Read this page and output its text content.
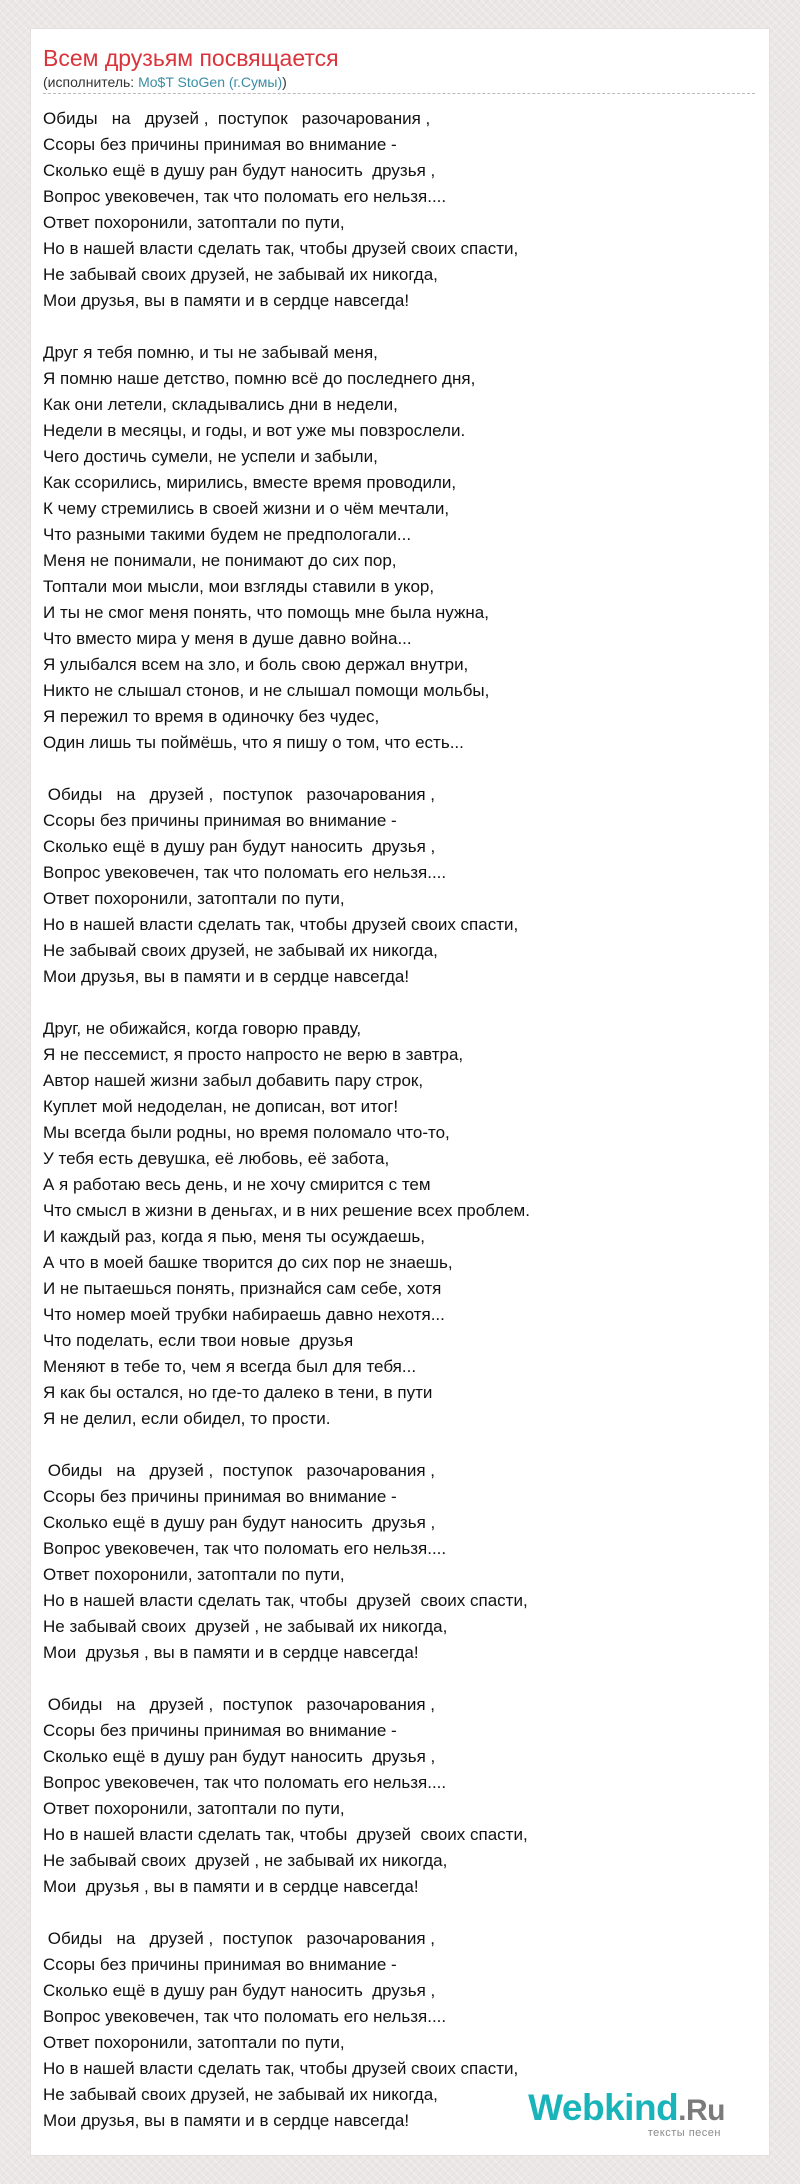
Всем друзьям посвящается
(исполнитель: Mo$T StoGen (г.Сумы))
Обиды   на   друзей ,  поступок   разочарования ,
Ссоры без причины принимая во внимание -
Сколько ещё в душу ран будут наносить  друзья ,
Вопрос увековечен, так что поломать его нельзя....
Ответ похоронили, затоптали по пути,
Но в нашей власти сделать так, чтобы друзей своих спасти,
Не забывай своих друзей, не забывай их никогда,
Мои друзья, вы в памяти и в сердце навсегда!
Друг я тебя помню, и ты не забывай меня,
Я помню наше детство, помню всё до последнего дня,
Как они летели, складывались дни в недели,
Недели в месяцы, и годы, и вот уже мы повзрослели.
Чего достичь сумели, не успели и забыли,
Как ссорились, мирились, вместе время проводили,
К чему стремились в своей жизни и о чём мечтали,
Что разными такими будем не предпологали...
Меня не понимали, не понимают до сих пор,
Топтали мои мысли, мои взгляды ставили в укор,
И ты не смог меня понять, что помощь мне была нужна,
Что вместо мира у меня в душе давно война...
Я улыбался всем на зло, и боль свою держал внутри,
Никто не слышал стонов, и не слышал помощи мольбы,
Я пережил то время в одиночку без чудес,
Один лишь ты поймёшь, что я пишу о том, что есть...
Обиды   на   друзей ,  поступок   разочарования ,
Ссоры без причины принимая во внимание -
Сколько ещё в душу ран будут наносить  друзья ,
Вопрос увековечен, так что поломать его нельзя....
Ответ похоронили, затоптали по пути,
Но в нашей власти сделать так, чтобы друзей своих спасти,
Не забывай своих друзей, не забывай их никогда,
Мои друзья, вы в памяти и в сердце навсегда!
Друг, не обижайся, когда говорю правду,
Я не пессемист, я просто напросто не верю в завтра,
Автор нашей жизни забыл добавить пару строк,
Куплет мой недоделан, не дописан, вот итог!
Мы всегда были родны, но время поломало что-то,
У тебя есть девушка, её любовь, её забота,
А я работаю весь день, и не хочу смирится с тем
Что смысл в жизни в деньгах, и в них решение всех проблем.
И каждый раз, когда я пью, меня ты осуждаешь,
А что в моей башке творится до сих пор не знаешь,
И не пытаешься понять, признайся сам себе, хотя
Что номер моей трубки набираешь давно нехотя...
Что поделать, если твои новые  друзья
Меняют в тебе то, чем я всегда был для тебя...
Я как бы остался, но где-то далеко в тени, в пути
Я не делил, если обидел, то прости.
Обиды   на   друзей ,  поступок   разочарования ,
Ссоры без причины принимая во внимание -
Сколько ещё в душу ран будут наносить  друзья ,
Вопрос увековечен, так что поломать его нельзя....
Ответ похоронили, затоптали по пути,
Но в нашей власти сделать так, чтобы  друзей  своих спасти,
Не забывай своих  друзей , не забывай их никогда,
Мои  друзья , вы в памяти и в сердце навсегда!
Обиды   на   друзей ,  поступок   разочарования ,
Ссоры без причины принимая во внимание -
Сколько ещё в душу ран будут наносить  друзья ,
Вопрос увековечен, так что поломать его нельзя....
Ответ похоронили, затоптали по пути,
Но в нашей власти сделать так, чтобы  друзей  своих спасти,
Не забывай своих  друзей , не забывай их никогда,
Мои  друзья , вы в памяти и в сердце навсегда!
Обиды   на   друзей ,  поступок   разочарования ,
Ссоры без причины принимая во внимание -
Сколько ещё в душу ран будут наносить  друзья ,
Вопрос увековечен, так что поломать его нельзя....
Ответ похоронили, затоптали по пути,
Но в нашей власти сделать так, чтобы друзей своих спасти,
Не забывай своих друзей, не забывай их никогда,
Мои друзья, вы в памяти и в сердце навсегда!	Webkind.Ru
тексты песен
